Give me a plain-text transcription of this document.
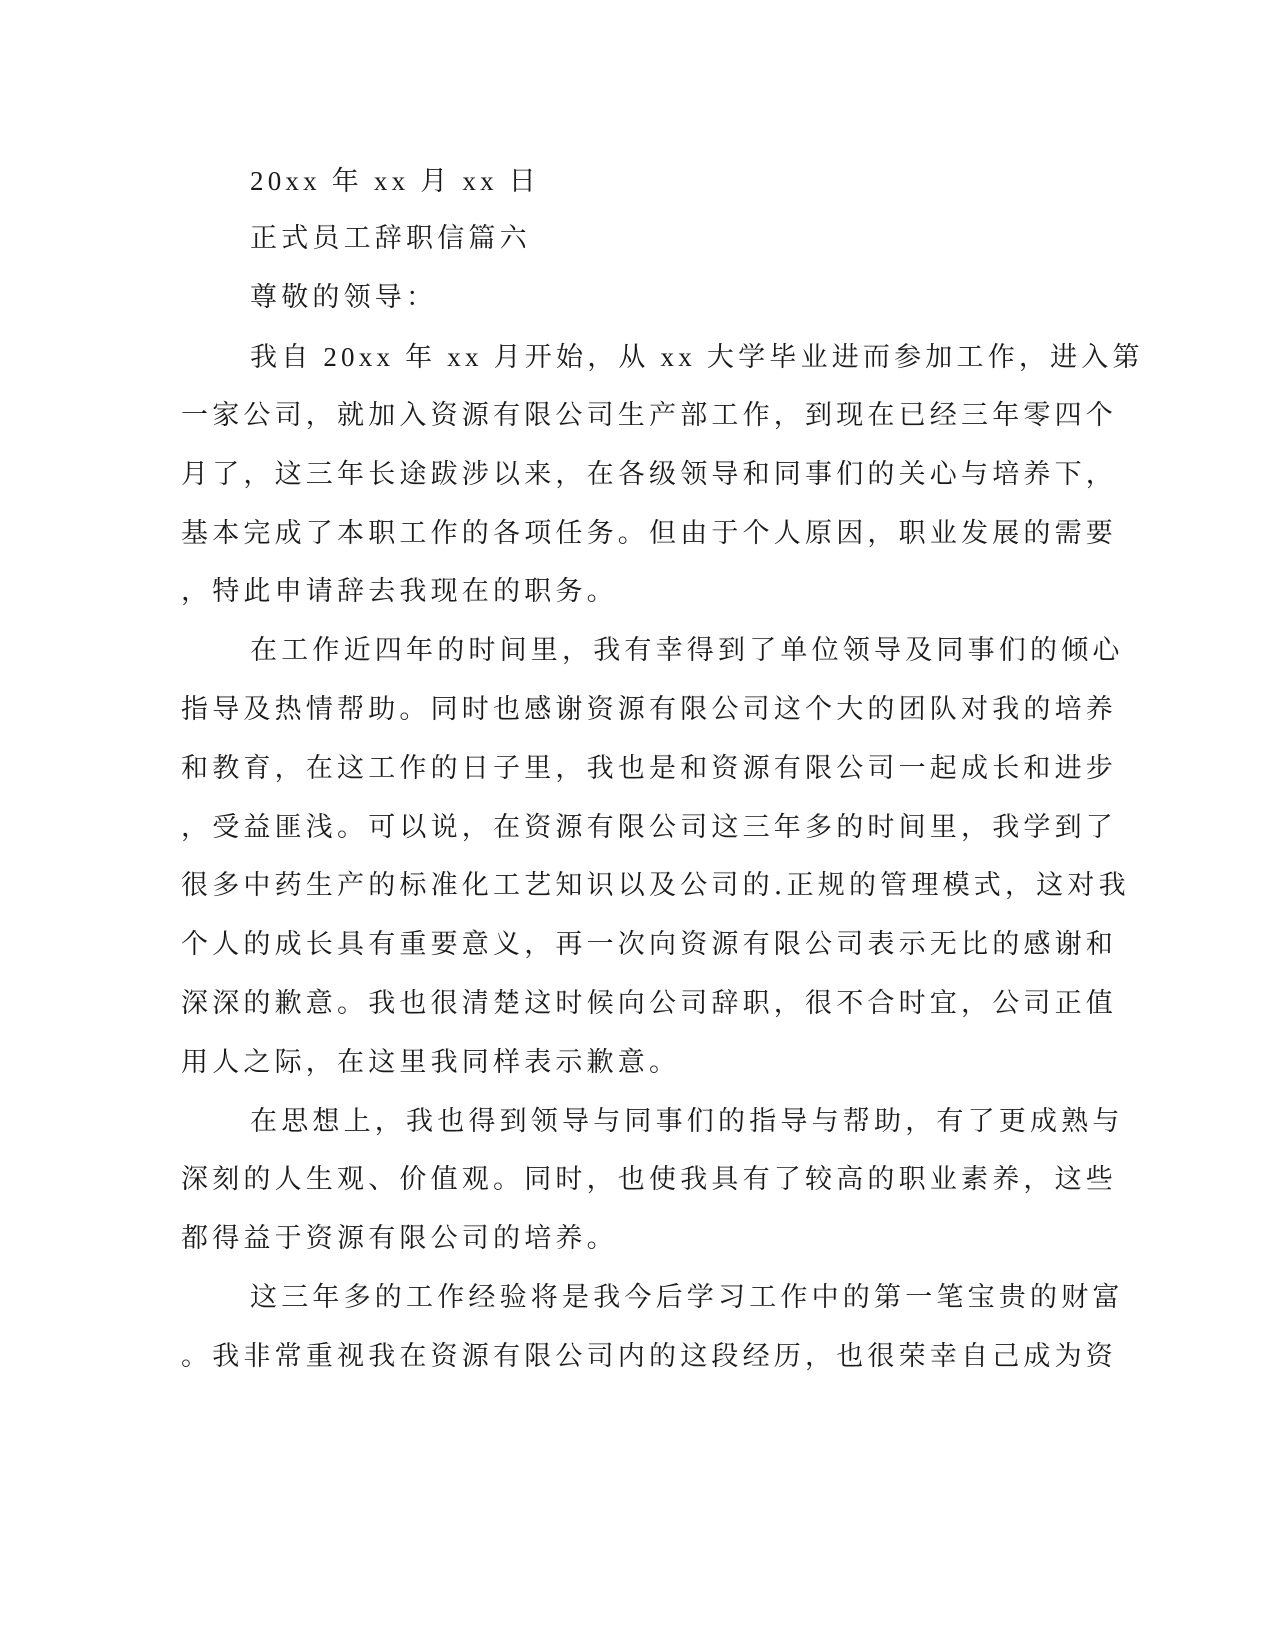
20xx 年 xx 月 xx 日
正式员工辞职信篇六
尊敬的领导：
我自 20xx 年 xx 月开始，从 xx 大学毕业进而参加工作，进入第
一家公司，就加入资源有限公司生产部工作，到现在已经三年零四个
月了，这三年长途跋涉以来，在各级领导和同事们的关心与培养下，
基本完成了本职工作的各项任务。但由于个人原因，职业发展的需要
，特此申请辞去我现在的职务。
在工作近四年的时间里，我有幸得到了单位领导及同事们的倾心
指导及热情帮助。同时也感谢资源有限公司这个大的团队对我的培养
和教育，在这工作的日子里，我也是和资源有限公司一起成长和进步
，受益匪浅。可以说，在资源有限公司这三年多的时间里，我学到了
很多中药生产的标准化工艺知识以及公司的.正规的管理模式，这对我
个人的成长具有重要意义，再一次向资源有限公司表示无比的感谢和
深深的歉意。我也很清楚这时候向公司辞职，很不合时宜，公司正值
用人之际，在这里我同样表示歉意。
在思想上，我也得到领导与同事们的指导与帮助，有了更成熟与
深刻的人生观、价值观。同时，也使我具有了较高的职业素养，这些
都得益于资源有限公司的培养。
这三年多的工作经验将是我今后学习工作中的第一笔宝贵的财富
。我非常重视我在资源有限公司内的这段经历，也很荣幸自己成为资
